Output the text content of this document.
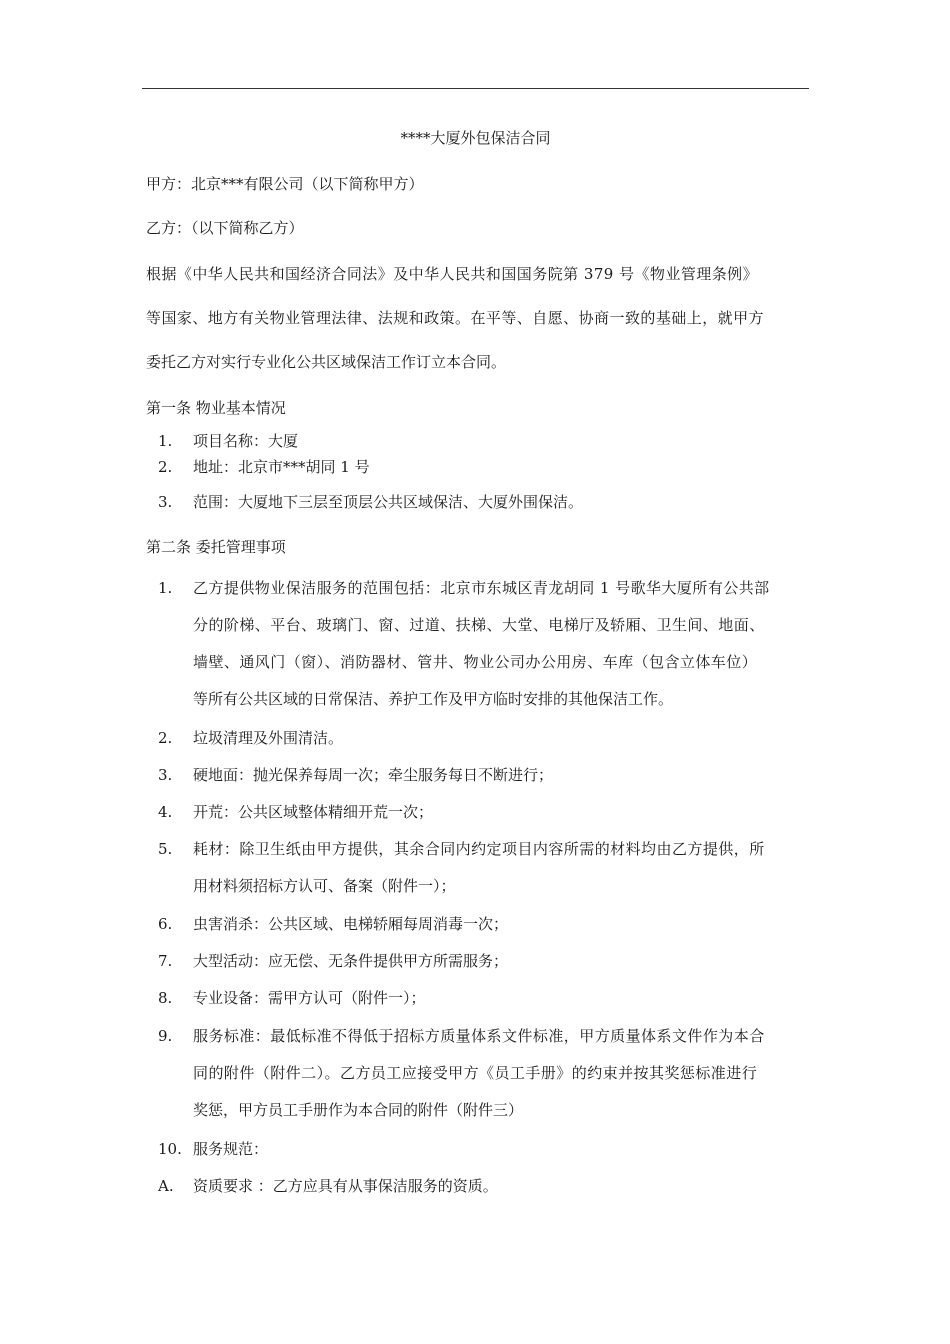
****大厦外包保洁合同
甲方：北京***有限公司（以下简称甲方）
乙方：（以下简称乙方）
根据《中华人民共和国经济合同法》及中华人民共和国国务院第 379 号《物业管理条例》
等国家、地方有关物业管理法律、法规和政策。在平等、自愿、协商一致的基础上，就甲方
委托乙方对实行专业化公共区域保洁工作订立本合同。
第一条 物业基本情况
1. 项目名称：大厦
2. 地址：北京市***胡同 1 号
3. 范围：大厦地下三层至顶层公共区域保洁、大厦外围保洁。
第二条 委托管理事项
1. 乙方提供物业保洁服务的范围包括：北京市东城区青龙胡同 1 号歌华大厦所有公共部
分的阶梯、平台、玻璃门、窗、过道、扶梯、大堂、电梯厅及轿厢、卫生间、地面、
墙壁、通风门（窗）、消防器材、管井、物业公司办公用房、车库（包含立体车位）
等所有公共区域的日常保洁、养护工作及甲方临时安排的其他保洁工作。
2. 垃圾清理及外围清洁。
3. 硬地面：抛光保养每周一次；牵尘服务每日不断进行；
4. 开荒：公共区域整体精细开荒一次；
5. 耗材：除卫生纸由甲方提供，其余合同内约定项目内容所需的材料均由乙方提供，所
用材料须招标方认可、备案（附件一）；
6. 虫害消杀：公共区域、电梯轿厢每周消毒一次；
7. 大型活动：应无偿、无条件提供甲方所需服务；
8. 专业设备：需甲方认可（附件一）；
9. 服务标准：最低标准不得低于招标方质量体系文件标准，甲方质量体系文件作为本合
同的附件（附件二）。乙方员工应接受甲方《员工手册》的约束并按其奖惩标准进行
奖惩，甲方员工手册作为本合同的附件（附件三）
10. 服务规范：
A. 资质要求 ：乙方应具有从事保洁服务的资质。
